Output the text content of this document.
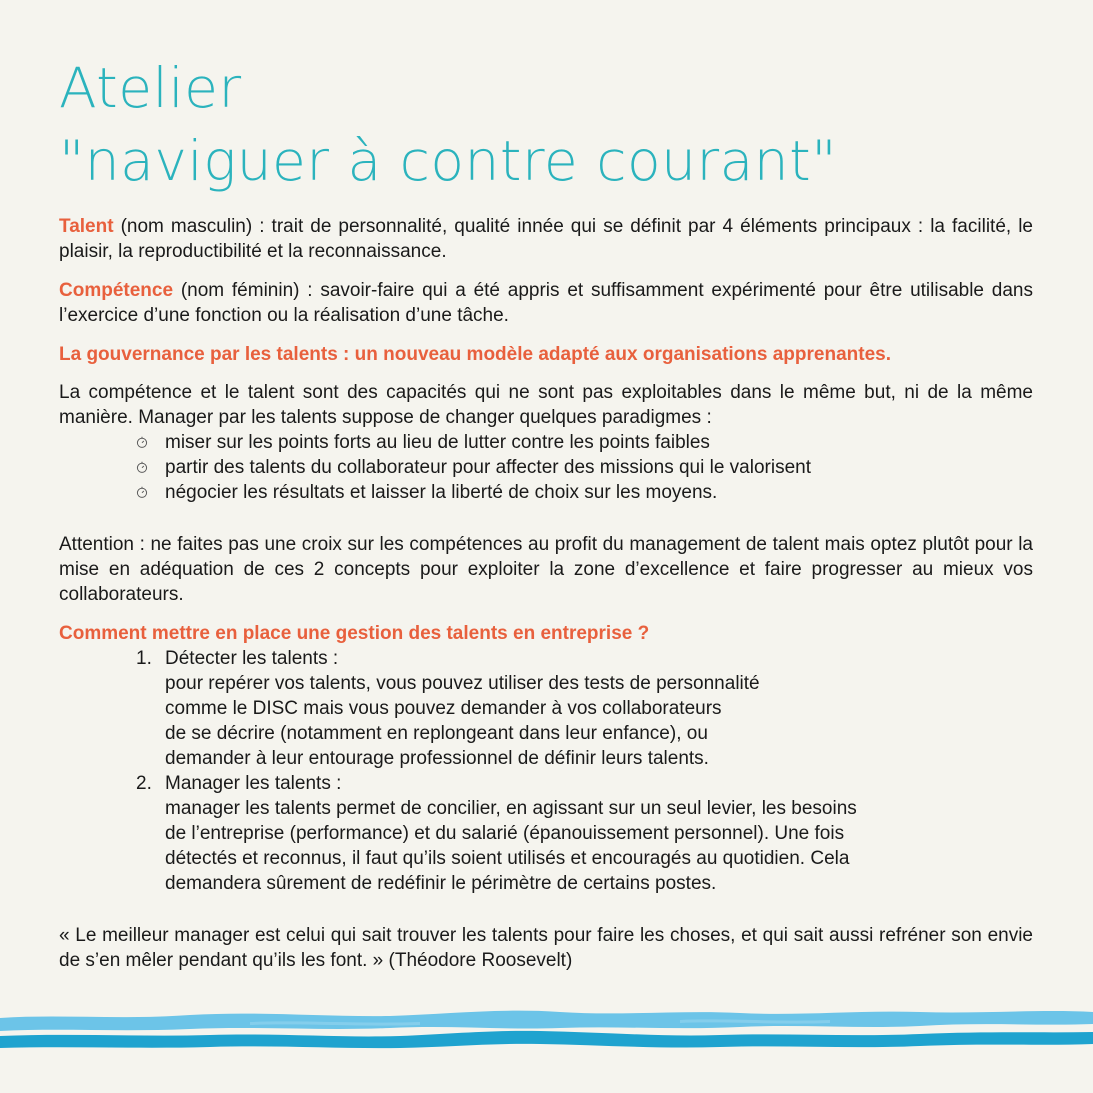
Atelier
"naviguer à contre courant"

Talent (nom masculin) : trait de personnalité, qualité innée qui se définit par 4 éléments principaux : la facilité, le plaisir, la reproductibilité et la reconnaissance.

Compétence (nom féminin) : savoir-faire qui a été appris et suffisamment expérimenté pour être utilisable dans l’exercice d’une fonction ou la réalisation d’une tâche.

La gouvernance par les talents : un nouveau modèle adapté aux organisations apprenantes.

La compétence et le talent sont des capacités qui ne sont pas exploitables dans le même but, ni de la même manière. Manager par les talents suppose de changer quelques paradigmes :

miser sur les points forts au lieu de lutter contre les points faibles
partir des talents du collaborateur pour affecter des missions qui le valorisent
négocier les résultats et laisser la liberté de choix sur les moyens.

Attention : ne faites pas une croix sur les compétences au profit du management de talent mais optez plutôt pour la mise en adéquation de ces 2 concepts pour exploiter la zone d’excellence et faire progresser au mieux vos collaborateurs.

Comment mettre en place une gestion des talents en entreprise ?

1. Détecter les talents :
pour repérer vos talents, vous pouvez utiliser des tests de personnalité
comme le DISC mais vous pouvez demander à vos collaborateurs
de se décrire (notamment en replongeant dans leur enfance), ou
demander à leur entourage professionnel de définir leurs talents.
2. Manager les talents :
manager les talents permet de concilier, en agissant sur un seul levier, les besoins
de l’entreprise (performance) et du salarié (épanouissement personnel). Une fois
détectés et reconnus, il faut qu’ils soient utilisés et encouragés au quotidien. Cela
demandera sûrement de redéfinir le périmètre de certains postes.

« Le meilleur manager est celui qui sait trouver les talents pour faire les choses, et qui sait aussi refréner son envie de s’en mêler pendant qu’ils les font. » (Théodore Roosevelt)
